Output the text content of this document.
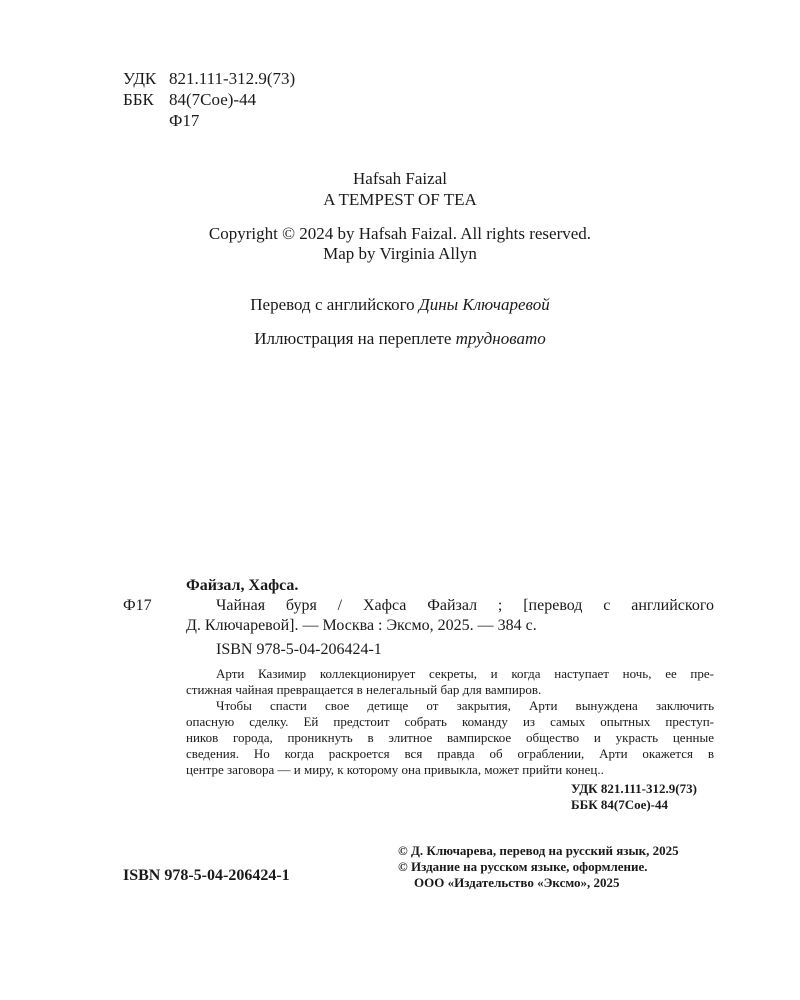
УДК 821.111-312.9(73)
ББК 84(7Сое)-44
Ф17
Hafsah Faizal
A TEMPEST OF TEA
Copyright © 2024 by Hafsah Faizal. All rights reserved.
Map by Virginia Allyn
Перевод с английского Дины Ключаревой
Иллюстрация на переплете трудновато
Файзал, Хафса.
Ф17	Чайная буря / Хафса Файзал ; [перевод с английского
Д. Ключаревой]. — Москва : Эксмо, 2025. — 384 с.
ISBN 978-5-04-206424-1
Арти Казимир коллекционирует секреты, и когда наступает ночь, ее пре-
стижная чайная превращается в нелегальный бар для вампиров.
Чтобы спасти свое детище от закрытия, Арти вынуждена заключить
опасную сделку. Ей предстоит собрать команду из самых опытных преступ-
ников города, проникнуть в элитное вампирское общество и украсть ценные
сведения. Но когда раскроется вся правда об ограблении, Арти окажется в
центре заговора — и миру, к которому она привыкла, может прийти конец..
УДК 821.111-312.9(73)
ББК 84(7Сое)-44
ISBN 978-5-04-206424-1
© Д. Ключарева, перевод на русский язык, 2025
© Издание на русском языке, оформление.
ООО «Издательство «Эксмо», 2025
